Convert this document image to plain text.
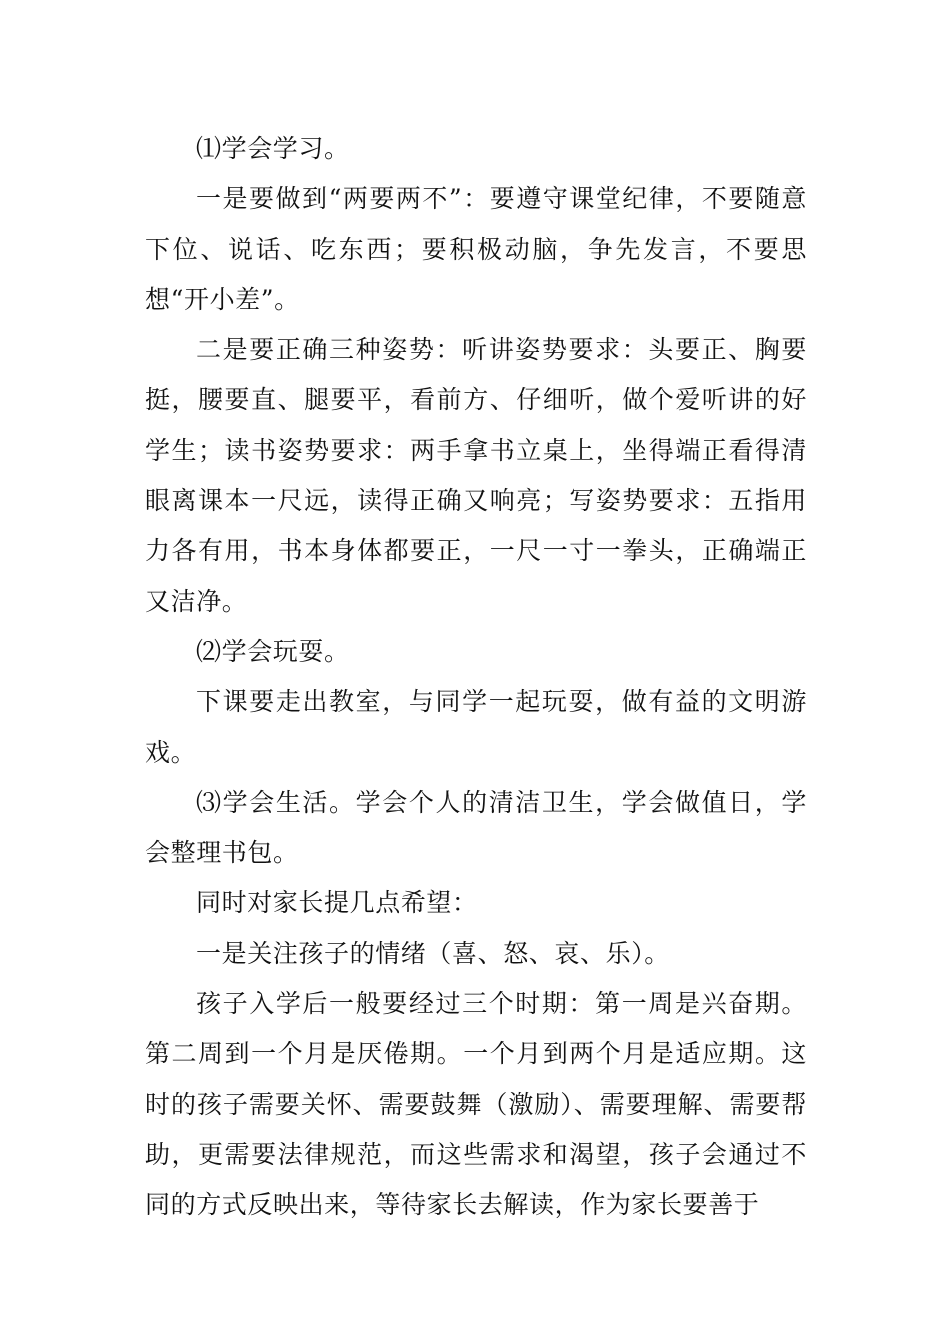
⑴学会学习。

一是要做到“两要两不”：要遵守课堂纪律，不要随意下位、说话、吃东西；要积极动脑，争先发言，不要思想“开小差”。

二是要正确三种姿势：听讲姿势要求：头要正、胸要挺，腰要直、腿要平，看前方、仔细听，做个爱听讲的好学生；读书姿势要求：两手拿书立桌上，坐得端正看得清眼离课本一尺远，读得正确又响亮；写姿势要求：五指用力各有用，书本身体都要正，一尺一寸一拳头，正确端正又洁净。

⑵学会玩耍。

下课要走出教室，与同学一起玩耍，做有益的文明游戏。

⑶学会生活。学会个人的清洁卫生，学会做值日，学会整理书包。

同时对家长提几点希望：

一是关注孩子的情绪（喜、怒、哀、乐）。

孩子入学后一般要经过三个时期：第一周是兴奋期。第二周到一个月是厌倦期。一个月到两个月是适应期。这时的孩子需要关怀、需要鼓舞（激励）、需要理解、需要帮助，更需要法律规范，而这些需求和渴望，孩子会通过不同的方式反映出来，等待家长去解读，作为家长要善于
